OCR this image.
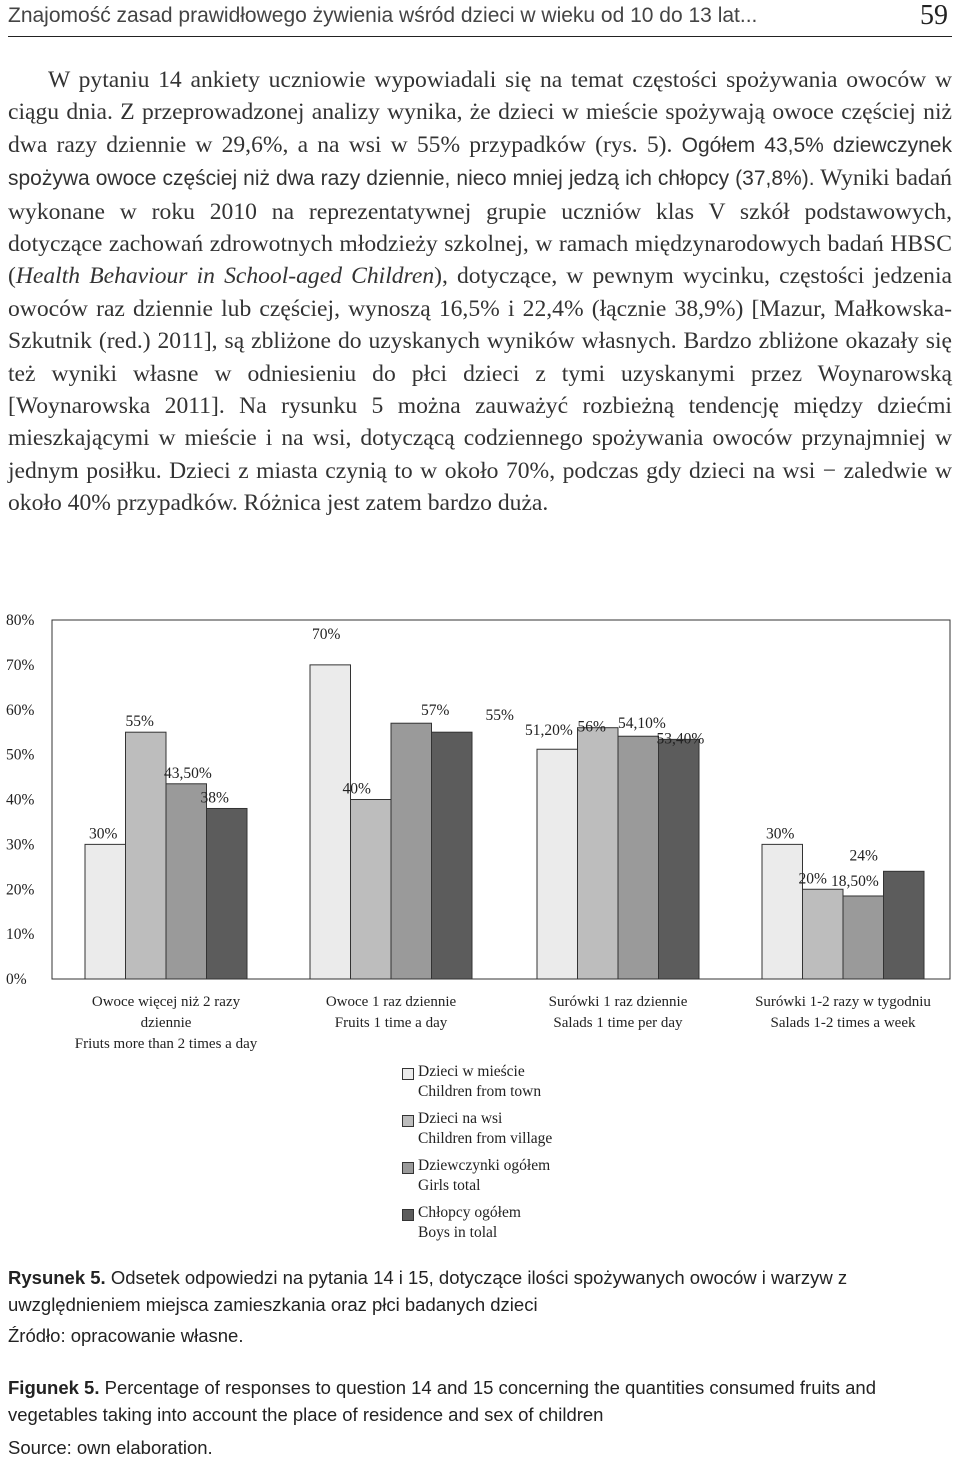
Znajomość zasad prawidłowego żywienia wśród dzieci w wieku od 10 do 13 lat...	59

W pytaniu 14 ankiety uczniowie wypowiadali się na temat częstości spożywania owoców w ciągu dnia. Z przeprowadzonej analizy wynika, że dzieci w mieście spożywają owoce częściej niż dwa razy dziennie w 29,6%, a na wsi w 55% przypadków (rys. 5). Ogółem 43,5% dziewczynek spożywa owoce częściej niż dwa razy dziennie, nieco mniej jedzą ich chłopcy (37,8%). Wyniki badań wykonane w roku 2010 na reprezentatywnej grupie uczniów klas V szkół podstawowych, dotyczące zachowań zdrowotnych młodzieży szkolnej, w ramach międzynarodowych badań HBSC (Health Behaviour in School-aged Children), dotyczące, w pewnym wycinku, częstości jedzenia owoców raz dziennie lub częściej, wynoszą 16,5% i 22,4% (łącznie 38,9%) [Mazur, Małkowska-Szkutnik (red.) 2011], są zbliżone do uzyskanych wyników własnych. Bardzo zbliżone okazały się też wyniki własne w odniesieniu do płci dzieci z tymi uzyskanymi przez Woynarowską [Woynarowska 2011]. Na rysunku 5 można zauważyć rozbieżną tendencję między dziećmi mieszkającymi w mieście i na wsi, dotyczącą codziennego spożywania owoców przynajmniej w jednym posiłku. Dzieci z miasta czynią to w około 70%, podczas gdy dzieci na wsi − zaledwie w około 40% przypadków. Różnica jest zatem bardzo duża.

0%
10%
20%
30%
40%
50%
60%
70%
80%
30%
55%
43,50%
38%
Owoce więcej niż 2 razy
dziennie
Friuts more than 2 times a day
70%
40%
57% 55%
Owoce 1 raz dziennie
Fruits 1 time a day
51,20% 56% 54,10%
53,40%
Surówki 1 raz dziennie
Salads 1 time per day
30%
20% 18,50%
24%
Surówki 1-2 razy w tygodniu
Salads 1-2 times a week
Dzieci w mieście
Children from town
Dzieci na wsi
Children from village
Dziewczynki ogółem
Girls total
Chłopcy ogółem
Boys in tolal
Rysunek 5. Odsetek odpowiedzi na pytania 14 i 15, dotyczące ilości spożywanych owoców i warzyw z uwzględnieniem miejsca zamieszkania oraz płci badanych dzieci
Źródło: opracowanie własne.
Figunek 5. Percentage of responses to question 14 and 15 concerning the quantities consumed fruits and vegetables taking into account the place of residence and sex of children
Source: own elaboration.
